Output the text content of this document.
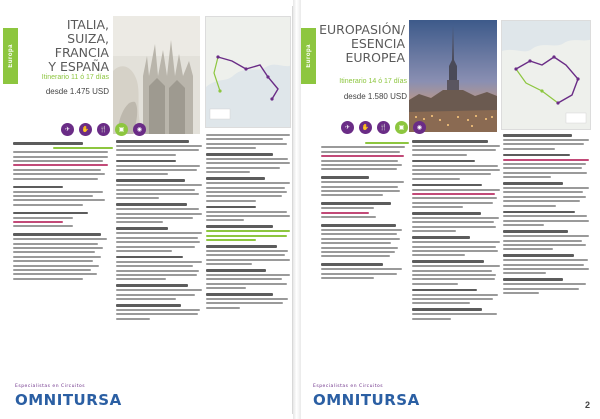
Europa
ITALIA,
SUIZA, FRANCIA
Y ESPAÑA
Itinerario 11 ó 17 días
desde 1.475 USD
✈	✋	🍴	▣	◉
Especialistas en Circuitos
OMNITURSA
Europa
EUROPASIÓN/
ESENCIA EUROPEA
Itinerario 14 ó 17 días
desde 1.580 USD
✈	✋	🍴	▣	◉
Especialistas en Circuitos
OMNITURSA	2
